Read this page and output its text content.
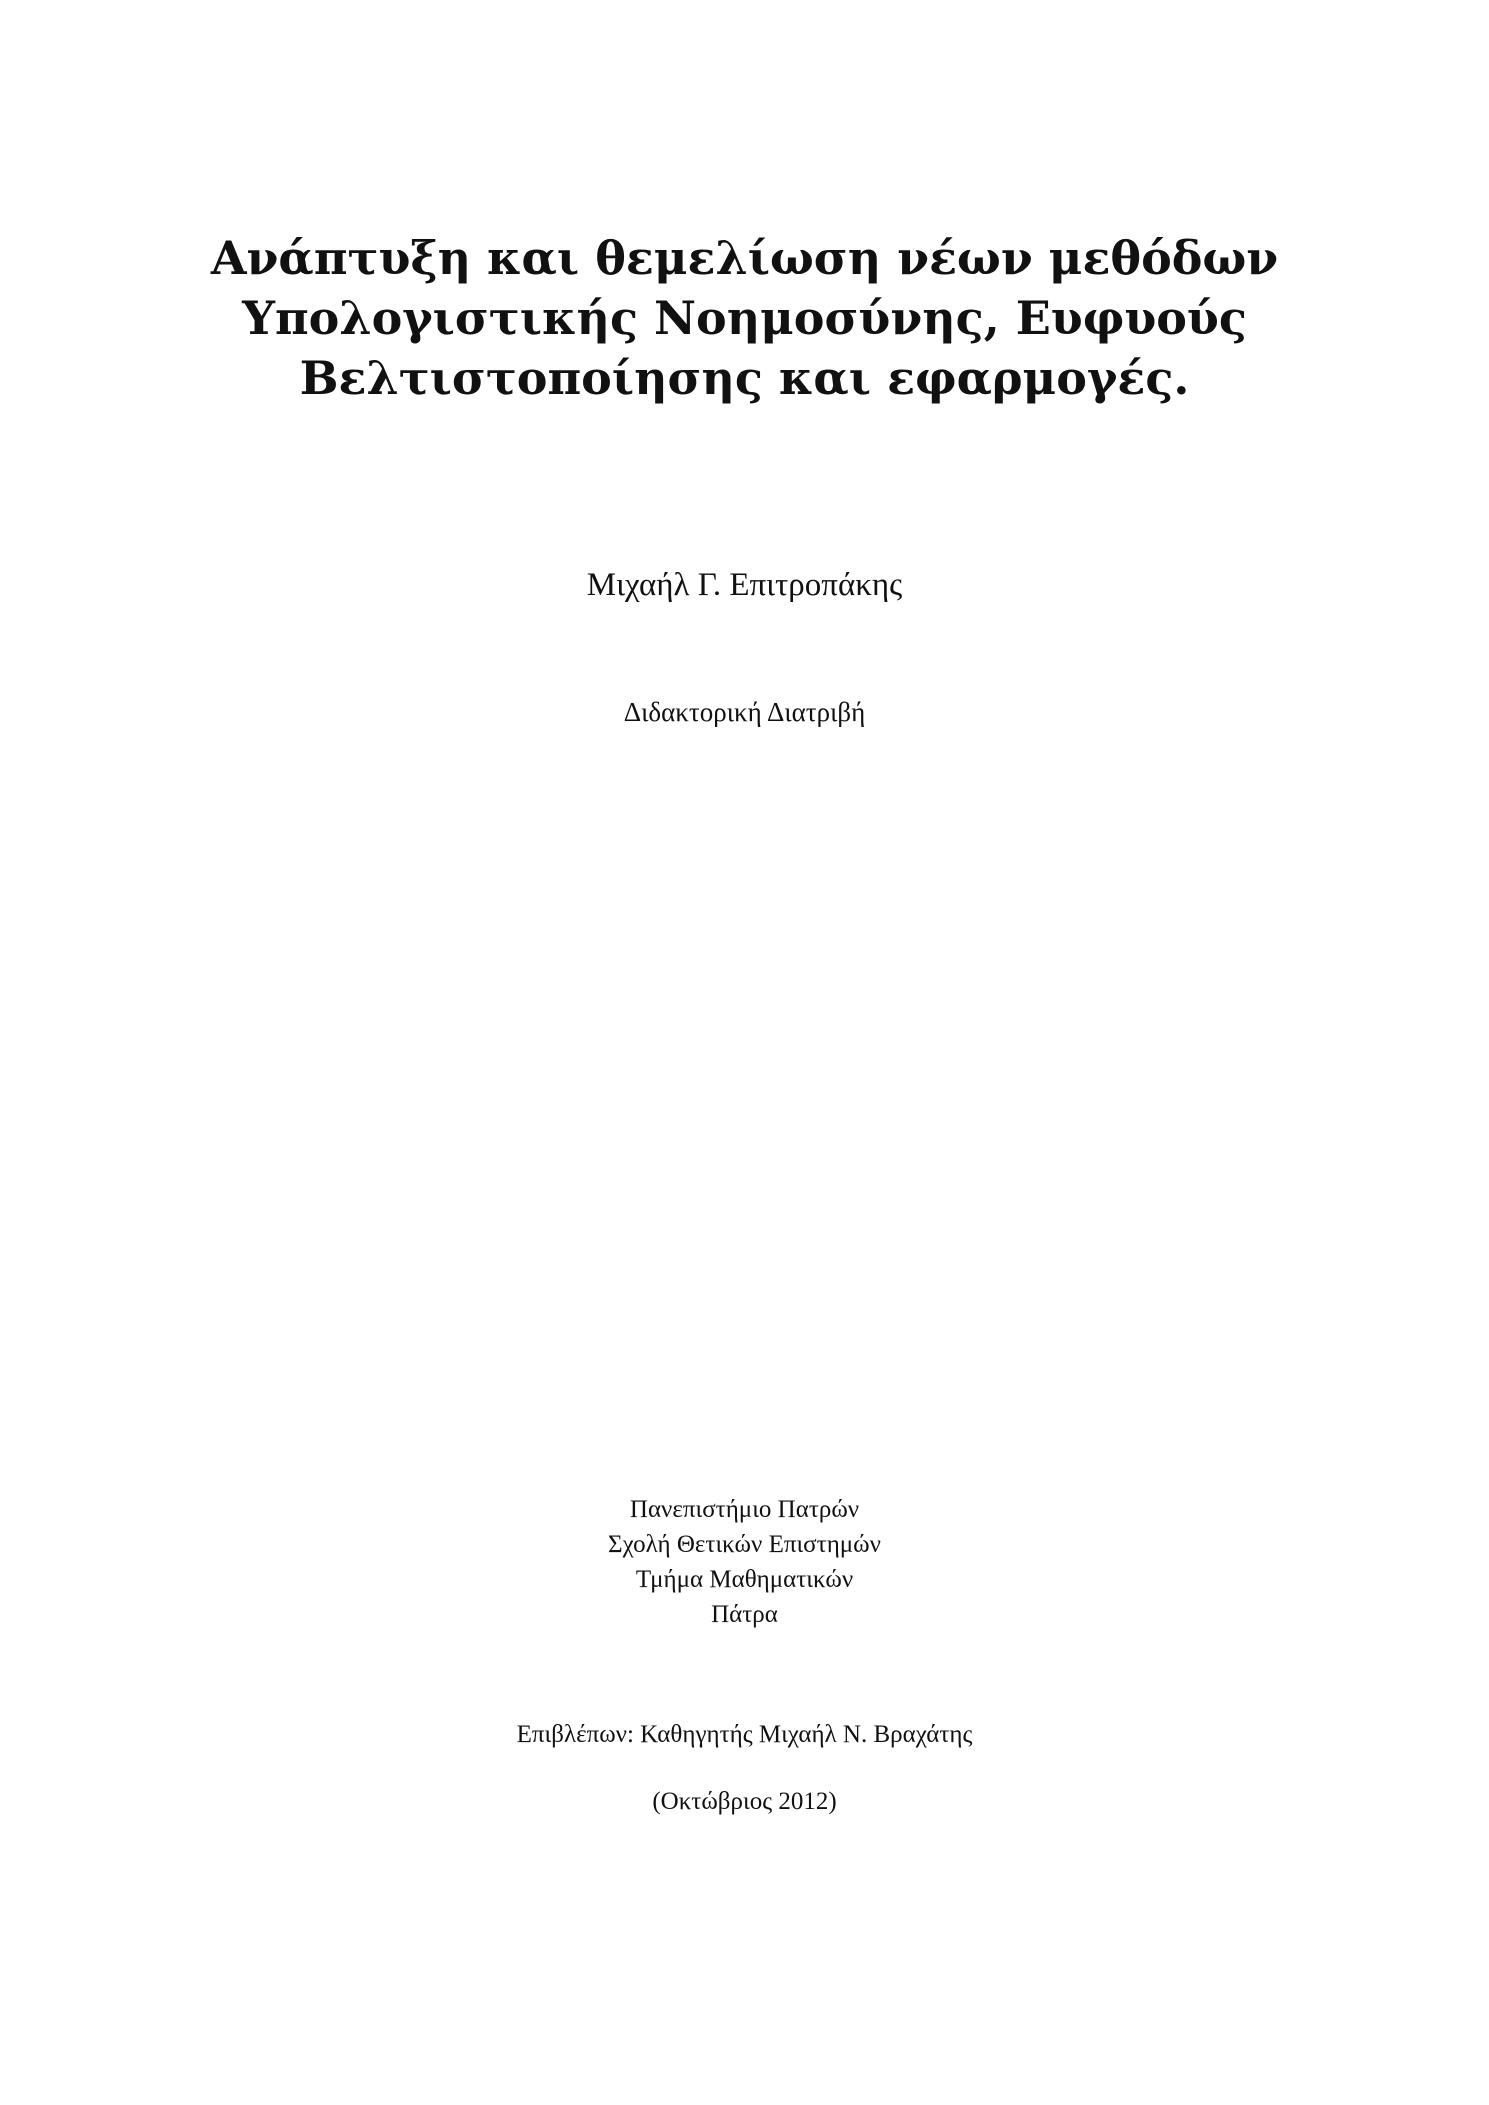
Ανάπτυξη και θεμελίωση νέων μεθόδων
Υπολογιστικής Νοημοσύνης, Ευφυούς
Βελτιστοποίησης και εφαρμογές.
Μιχαήλ Γ. Επιτροπάκης
Διδακτορική Διατριβή
Πανεπιστήμιο Πατρών
Σχολή Θετικών Επιστημών
Τμήμα Μαθηματικών
Πάτρα
Επιβλέπων: Καθηγητής Μιχαήλ Ν. Βραχάτης
(Οκτώβριος 2012)
